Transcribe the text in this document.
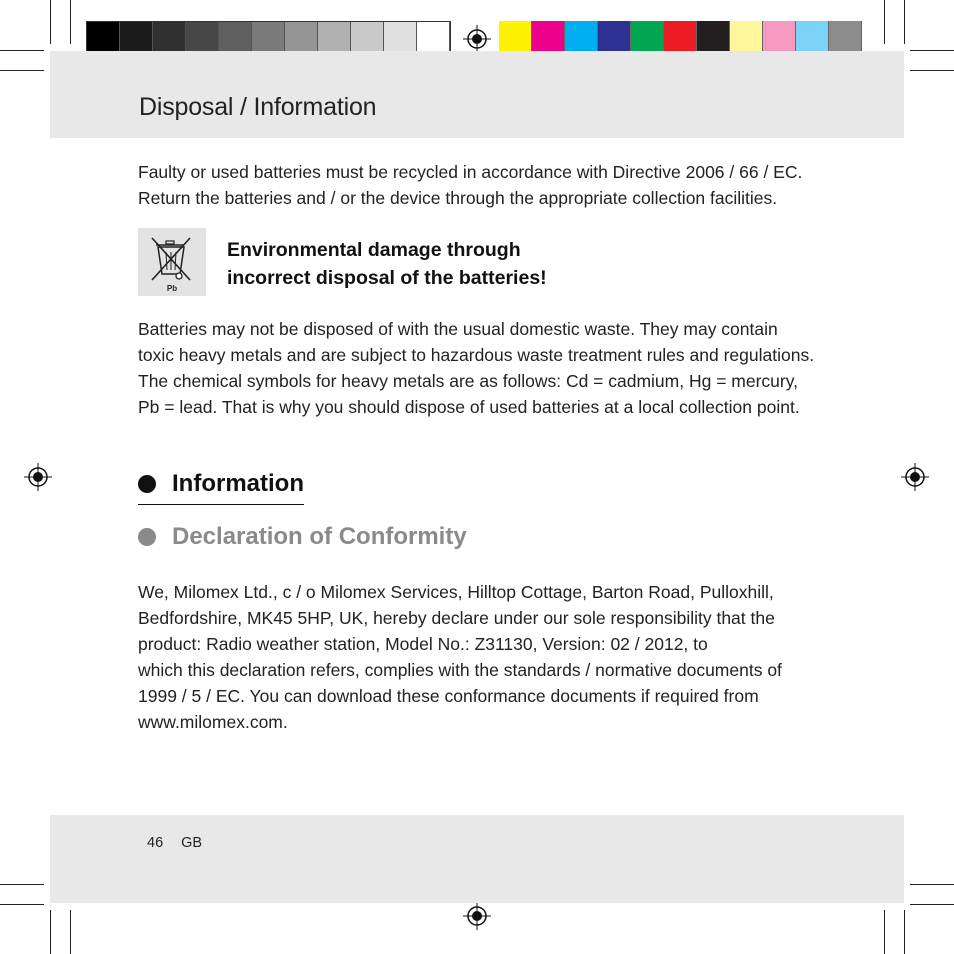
Disposal / Information

Faulty or used batteries must be recycled in accordance with Directive 2006 / 66 / EC.
Return the batteries and / or the device through the appropriate collection facilities.

Pb
Environmental damage through
incorrect disposal of the batteries!

Batteries may not be disposed of with the usual domestic waste. They may contain
toxic heavy metals and are subject to hazardous waste treatment rules and regulations.
The chemical symbols for heavy metals are as follows: Cd = cadmium, Hg = mercury,
Pb = lead. That is why you should dispose of used batteries at a local collection point.

Information
Declaration of Conformity

We, Milomex Ltd., c / o Milomex Services, Hilltop Cottage, Barton Road, Pulloxhill,
Bedfordshire, MK45 5HP, UK, hereby declare under our sole responsibility that the
product: Radio weather station, Model No.: Z31130, Version: 02 / 2012, to
which this declaration refers, complies with the standards / normative documents of
1999 / 5 / EC. You can download these conformance documents if required from
www.milomex.com.

46 GB
